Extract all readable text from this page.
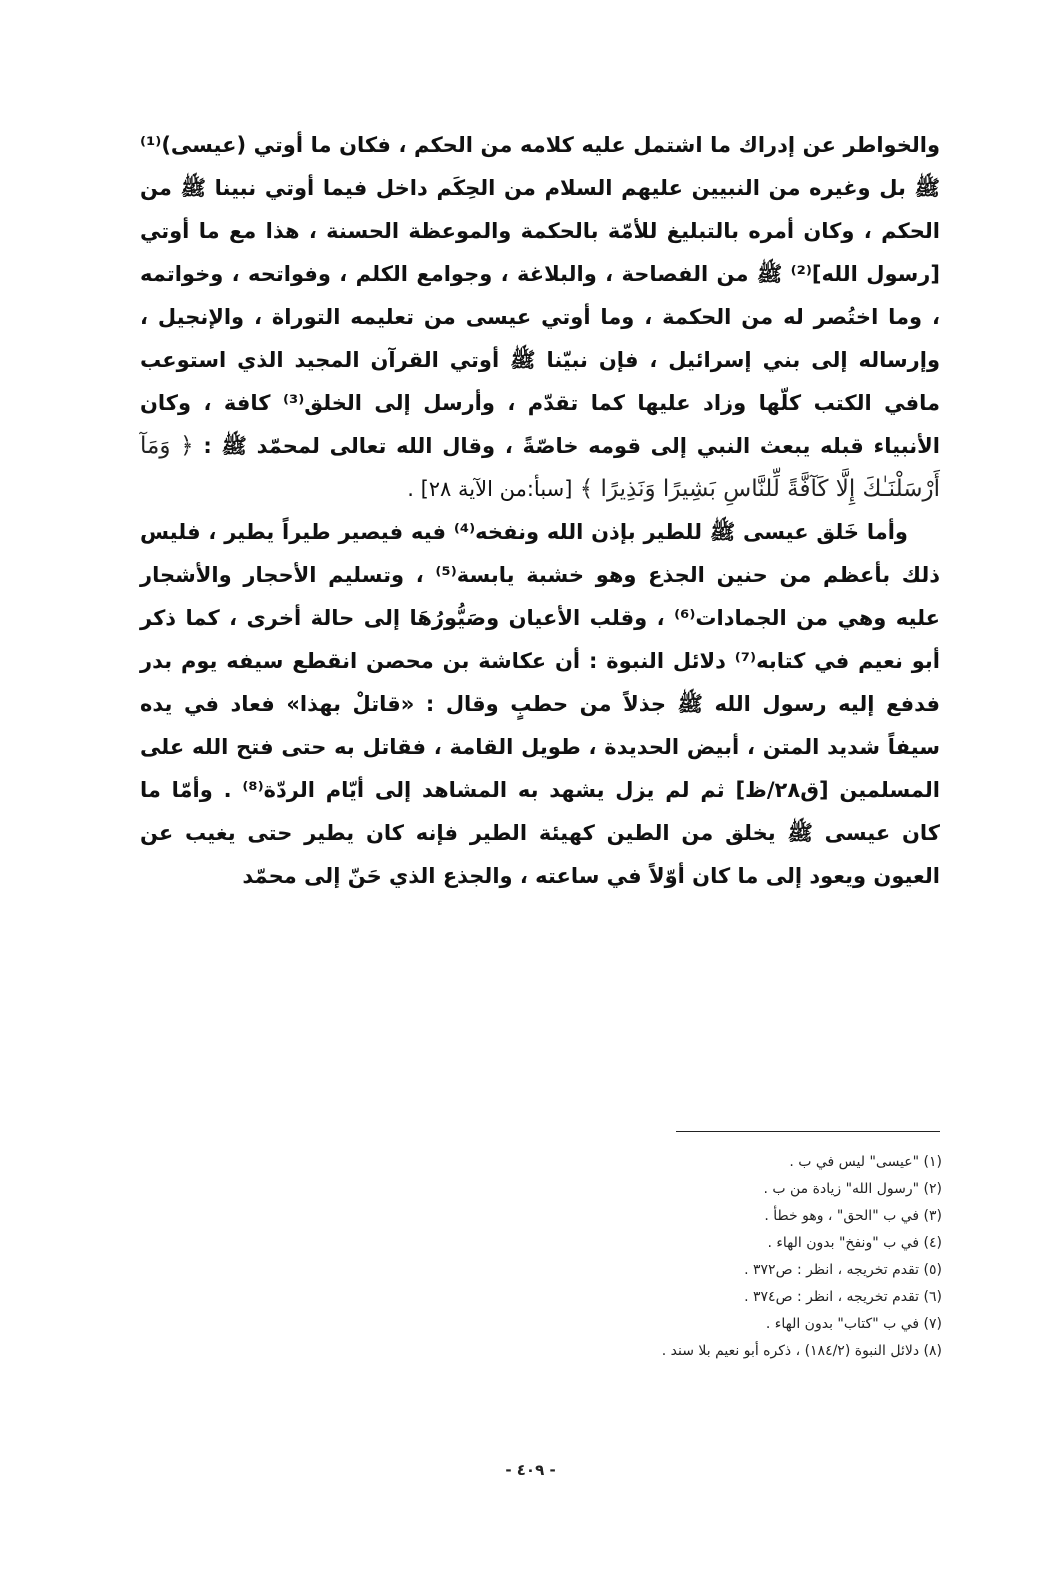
والخواطر عن إدراك ما اشتمل عليه كلامه من الحكم ، فكان ما أوتي (عيسى)⁽¹⁾ ﷺ بل وغيره من النبيين عليهم السلام من الحِكَم داخل فيما أوتي نبينا ﷺ من الحكم ، وكان أمره بالتبليغ للأمّة بالحكمة والموعظة الحسنة ، هذا مع ما أوتي [رسول الله]⁽²⁾ ﷺ من الفصاحة ، والبلاغة ، وجوامع الكلم ، وفواتحه ، وخواتمه ، وما اختُصر له من الحكمة ، وما أوتي عيسى من تعليمه التوراة ، والإنجيل ، وإرساله إلى بني إسرائيل ، فإن نبيّنا ﷺ أوتي القرآن المجيد الذي استوعب مافي الكتب كلّها وزاد عليها كما تقدّم ، وأرسل إلى الخلق⁽³⁾ كافة ، وكان الأنبياء قبله يبعث النبي إلى قومه خاصّةً ، وقال الله تعالى لمحمّد ﷺ : ﴿ وَمَآ أَرْسَلْنَـٰكَ إِلَّا كَآفَّةً لِّلنَّاسِ بَشِيرًا وَنَذِيرًا ﴾ [سبأ:من الآية ٢٨] .

وأما خَلق عيسى ﷺ للطير بإذن الله ونفخه⁽⁴⁾ فيه فيصير طيراً يطير ، فليس ذلك بأعظم من حنين الجذع وهو خشبة يابسة⁽⁵⁾ ، وتسليم الأحجار والأشجار عليه وهي من الجمادات⁽⁶⁾ ، وقلب الأعيان وصَيُّورُهَا إلى حالة أخرى ، كما ذكر أبو نعيم في كتابه⁽⁷⁾ دلائل النبوة : أن عكاشة بن محصن انقطع سيفه يوم بدر فدفع إليه رسول الله ﷺ جذلاً من حطبٍ وقال : «قاتلْ بهذا» فعاد في يده سيفاً شديد المتن ، أبيض الحديدة ، طويل القامة ، فقاتل به حتى فتح الله على المسلمين [ق٢٨/ظ] ثم لم يزل يشهد به المشاهد إلى أيّام الردّة⁽⁸⁾ . وأمّا ما كان عيسى ﷺ يخلق من الطين كهيئة الطير فإنه كان يطير حتى يغيب عن العيون ويعود إلى ما كان أوّلاً في ساعته ، والجذع الذي حَنّ إلى محمّد

(١) "عيسى" ليس في ب .
(٢) "رسول الله" زيادة من ب .
(٣) في ب "الحق" ، وهو خطأ .
(٤) في ب "ونفخ" بدون الهاء .
(٥) تقدم تخريجه ، انظر : ص٣٧٢ .
(٦) تقدم تخريجه ، انظر : ص٣٧٤ .
(٧) في ب "كتاب" بدون الهاء .
(٨) دلائل النبوة (١٨٤/٢) ، ذكره أبو نعيم بلا سند .
- ٤٠٩ -
